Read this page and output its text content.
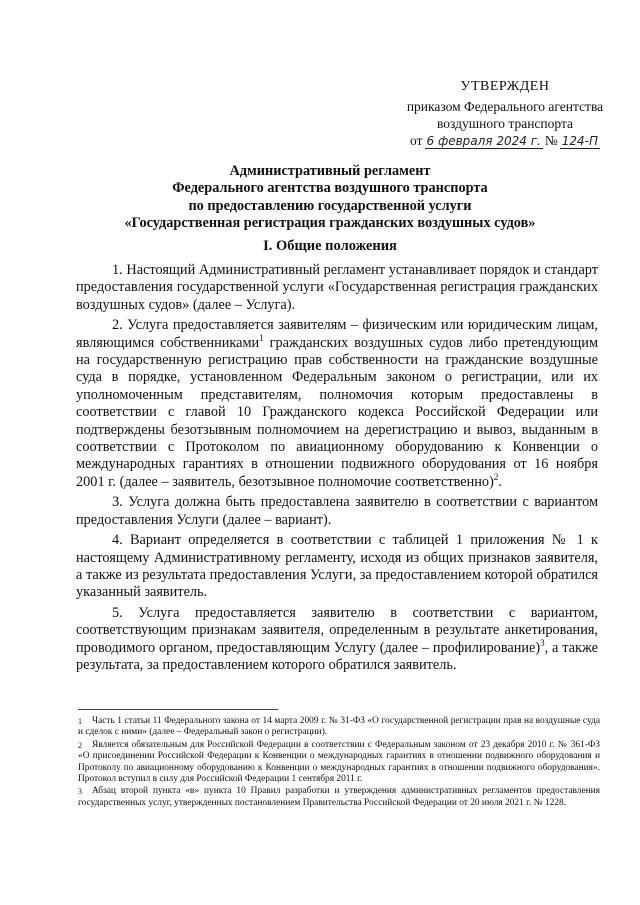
УТВЕРЖДЕН
приказом Федерального агентства
воздушного транспорта
от 6 февраля 2024 г. № 124-П
Административный регламент
Федерального агентства воздушного транспорта
по предоставлению государственной услуги
«Государственная регистрация гражданских воздушных судов»
I. Общие положения

1. Настоящий Административный регламент устанавливает порядок и стандарт предоставления государственной услуги «Государственная регистрация гражданских воздушных судов» (далее – Услуга).

2. Услуга предоставляется заявителям – физическим или юридическим лицам, являющимся собственниками$^1$ гражданских воздушных судов либо претендующим на государственную регистрацию прав собственности на гражданские воздушные суда в порядке, установленном Федеральным законом о регистрации, или их уполномоченным представителям, полномочия которым предоставлены в соответствии с главой 10 Гражданского кодекса Российской Федерации или подтверждены безотзывным полномочием на дерегистрацию и вывоз, выданным в соответствии с Протоколом по авиационному оборудованию к Конвенции о международных гарантиях в отношении подвижного оборудования от 16 ноября 2001 г. (далее – заявитель, безотзывное полномочие соответственно)$^2$.

3. Услуга должна быть предоставлена заявителю в соответствии с вариантом предоставления Услуги (далее – вариант).

4. Вариант определяется в соответствии с таблицей 1 приложения № 1 к настоящему Административному регламенту, исходя из общих признаков заявителя, а также из результата предоставления Услуги, за предоставлением которой обратился указанный заявитель.

5. Услуга предоставляется заявителю в соответствии с вариантом, соответствующим признакам заявителя, определенным в результате анкетирования, проводимого органом, предоставляющим Услугу (далее – профилирование)$^3$, а также результата, за предоставлением которого обратился заявитель.

1 Часть 1 статьи 11 Федерального закона от 14 марта 2009 г. № 31-ФЗ «О государственной регистрации прав на воздушные суда и сделок с ними» (далее – Федеральный закон о регистрации).

2 Является обязательным для Российской Федерации в соответствии с Федеральным законом от 23 декабря 2010 г. № 361-ФЗ «О присоединении Российской Федерации к Конвенции о международных гарантиях в отношении подвижного оборудования и Протоколу по авиационному оборудованию к Конвенции о международных гарантиях в отношении подвижного оборудования». Протокол вступил в силу для Российской Федерации 1 сентября 2011 г.

3 Абзац второй пункта «в» пункта 10 Правил разработки и утверждения административных регламентов предоставления государственных услуг, утвержденных постановлением Правительства Российской Федерации от 20 июля 2021 г. № 1228.
